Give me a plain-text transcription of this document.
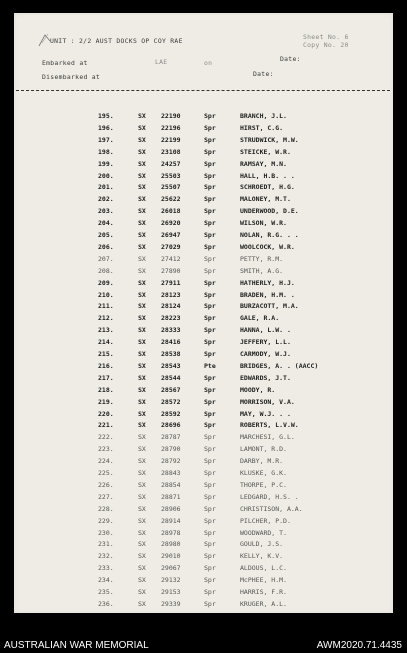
UNIT : 2/2 AUST DOCKS OP COY RAE	Sheet No. 6
Copy No. 20
Embarked at	LAE	on	Date:
Disembarked at	Date:
195.	SX 22190	Spr	BRANCH, J.L.
196.	SX 22196	Spr	HIRST, C.G.
197.	SX 22199	Spr	STRUDWICK, M.W.
198.	SX 23108	Spr	STEICKE, W.R.
199.	SX 24257	Spr	RAMSAY, M.N.
200.	SX 25503	Spr	HALL, H.B. . .
201.	SX 25507	Spr	SCHROEDT, H.G.
202.	SX 25622	Spr	MALONEY, M.T.
203.	SX 26018	Spr	UNDERWOOD, D.E.
204.	SX 26920	Spr	WILSON, W.R.
205.	SX 26947	Spr	NOLAN, R.G. . .
206.	SX 27029	Spr	WOOLCOCK, W.R.
207.	SX 27412	Spr	PETTY, R.M.
208.	SX 27890	Spr	SMITH, A.G.
209.	SX 27911	Spr	HATHERLY, H.J.
210.	SX 28123	Spr	BRADEN, H.M. .
211.	SX 28124	Spr	BURZACOTT, M.A.
212.	SX 28223	Spr	GALE, R.A.
213.	SX 28333	Spr	HANNA, L.W. .
214.	SX 28416	Spr	JEFFERY, L.L.
215.	SX 28538	Spr	CARMODY, W.J.
216.	SX 28543	Pte	BRIDGES, A. . (AACC)
217.	SX 28544	Spr	EDWARDS, J.T.
218.	SX 28567	Spr	MOODY, R.
219.	SX 28572	Spr	MORRISON, V.A.
220.	SX 28592	Spr	MAY, W.J. . .
221.	SX 28696	Spr	ROBERTS, L.V.W.
222.	SX 28787	Spr	MARCHESI, G.L.
223.	SX 28790	Spr	LAMONT, R.D.
224.	SX 28792	Spr	DARBY, M.R.
225.	SX 28843	Spr	KLUSKE, G.K.
226.	SX 28854	Spr	THORPE, P.C.
227.	SX 28871	Spr	LEDGARD, H.S. .
228.	SX 28906	Spr	CHRISTISON, A.A.
229.	SX 28914	Spr	PILCHER, P.D.
230.	SX 28978	Spr	WOODWARD, T.
231.	SX 28980	Spr	GOULD, J.S.
232.	SX 29010	Spr	KELLY, K.V.
233.	SX 29067	Spr	ALDOUS, L.C.
234.	SX 29132	Spr	McPHEE, H.M.
235.	SX 29153	Spr	HARRIS, F.R.
236.	SX 29339	Spr	KRUGER, A.L.
AUSTRALIAN WAR MEMORIAL	AWM2020.71.4435
